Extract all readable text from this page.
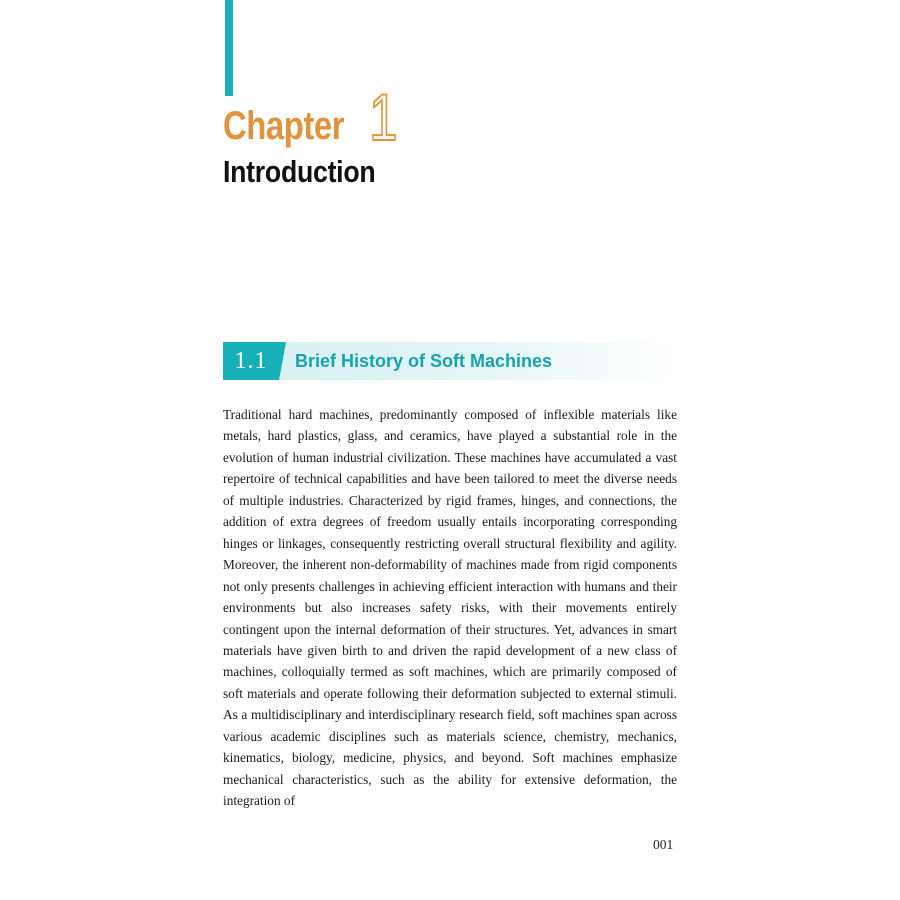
Chapter 1
Introduction
1.1	Brief History of Soft Machines

Traditional hard machines, predominantly composed of inflexible materials like metals, hard plastics, glass, and ceramics, have played a substantial role in the evolution of human industrial civilization. These machines have accumulated a vast repertoire of technical capabilities and have been tailored to meet the diverse needs of multiple industries. Characterized by rigid frames, hinges, and connections, the addition of extra degrees of freedom usually entails incorporating corresponding hinges or linkages, consequently restricting overall structural flexibility and agility. Moreover, the inherent non-deformability of machines made from rigid components not only presents challenges in achieving efficient interaction with humans and their environments but also increases safety risks, with their movements entirely contingent upon the internal deformation of their structures. Yet, advances in smart materials have given birth to and driven the rapid development of a new class of machines, colloquially termed as soft machines, which are primarily composed of soft materials and operate following their deformation subjected to external stimuli. As a multidisciplinary and interdisciplinary research field, soft machines span across various academic disciplines such as materials science, chemistry, mechanics, kinematics, biology, medicine, physics, and beyond. Soft machines emphasize mechanical characteristics, such as the ability for extensive deformation, the integration of

001
